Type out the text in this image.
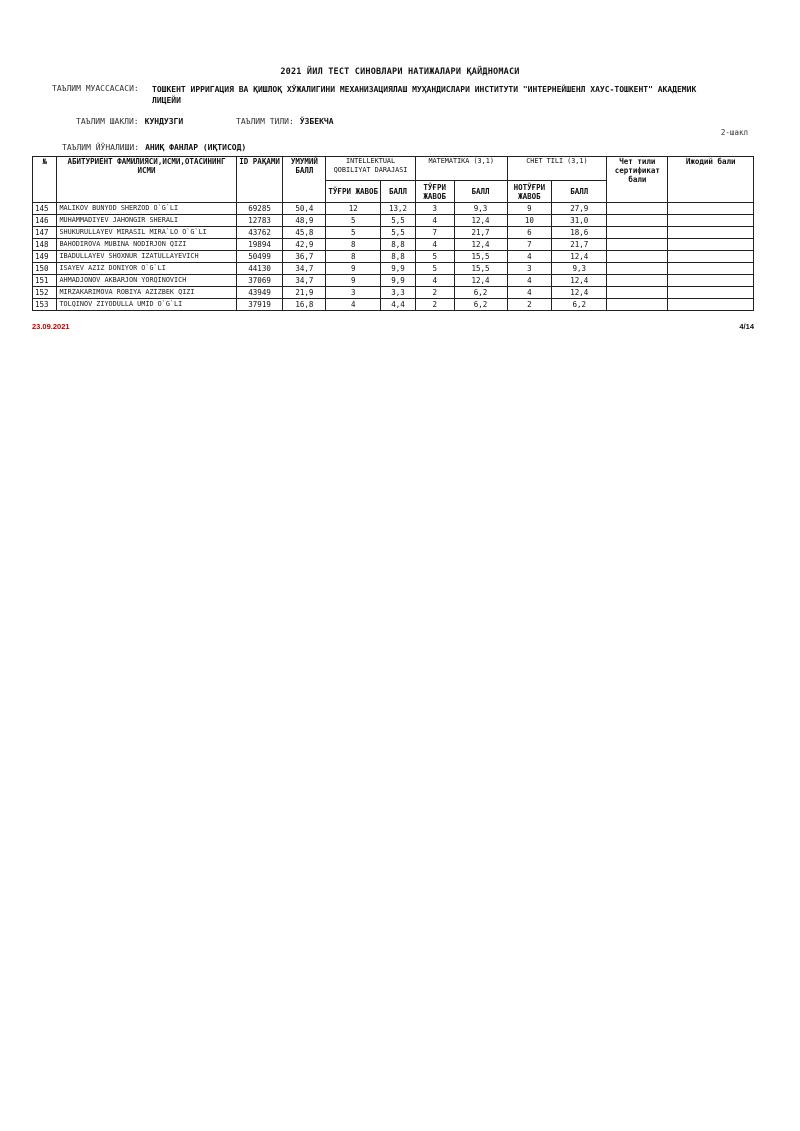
2021 ЙИЛ ТЕСТ СИНОВЛАРИ НАТИЖАЛАРИ ҚАЙДНОМАСИ
ТАЪЛИМ МУАССАСАСИ: ТОШКЕНТ ИРРИГАЦИЯ ВА ҚИШЛОҚ ХЎЖАЛИГИНИ МЕХАНИЗАЦИЯЛАШ МУҲАНДИСЛАРИ ИНСТИТУТИ "ИНТЕРНЕЙШЕНЛ ХАУС-ТОШКЕНТ" АКАДЕМИК ЛИЦЕЙИ
ТАЪЛИМ ШАКЛИ: КУНДУЗГИ	ТАЪЛИМ ТИЛИ: ЎЗБЕКЧА
2-шакл
ТАЪЛИМ ЙЎНАЛИШИ: АНИҚ ФАНЛАР (ИҚТИСОД)
№	АБИТУРИЕНТ ФАМИЛИЯСИ,ИСМИ,ОТАСИНИНГ ИСМИ	ID РАҚАМИ	УМУМИЙ БАЛЛ	INTELLEKTUAL QOBILIYAT DARAJASI		MATEMATIKA (3,1)		CHET TILI (3,1)		Чет тили сертификат бали	Ижодий бали
				ТЎҒРИ ЖАВОБ	БАЛЛ	ТЎҒРИ ЖАВОБ	БАЛЛ	НОТЎҒРИ ЖАВОБ	БАЛЛ		
145	MALIKOV BUNYOD SHERZOD O`G`LI	69285	50,4	12	13,2	3	9,3	9	27,9		
146	MUHAMMADIYEV JAHONGIR SHERALI	12783	48,9	5	5,5	4	12,4	10	31,0		
147	SHUKURULLAYEV MIRASIL MIRA`LO O`G`LI	43762	45,8	5	5,5	7	21,7	6	18,6		
148	BAHODIROVA MUBINA NODIRJON QIZI	19894	42,9	8	8,8	4	12,4	7	21,7		
149	IBADULLAYEV SHOXNUR IZATULLAYEVICH	50499	36,7	8	8,8	5	15,5	4	12,4		
150	ISAYEV AZIZ DONIYOR O`G`LI	44130	34,7	9	9,9	5	15,5	3	9,3		
151	AHMADJONOV AKBARJON YORQINOVICH	37069	34,7	9	9,9	4	12,4	4	12,4		
152	MIRZAKARIMOVA ROBIYA AZIZBEK QIZI	43949	21,9	3	3,3	2	6,2	4	12,4		
153	TOLQINOV ZIYODULLA UMID O`G`LI	37919	16,8	4	4,4	2	6,2	2	6,2		
23.09.2021	4/14
